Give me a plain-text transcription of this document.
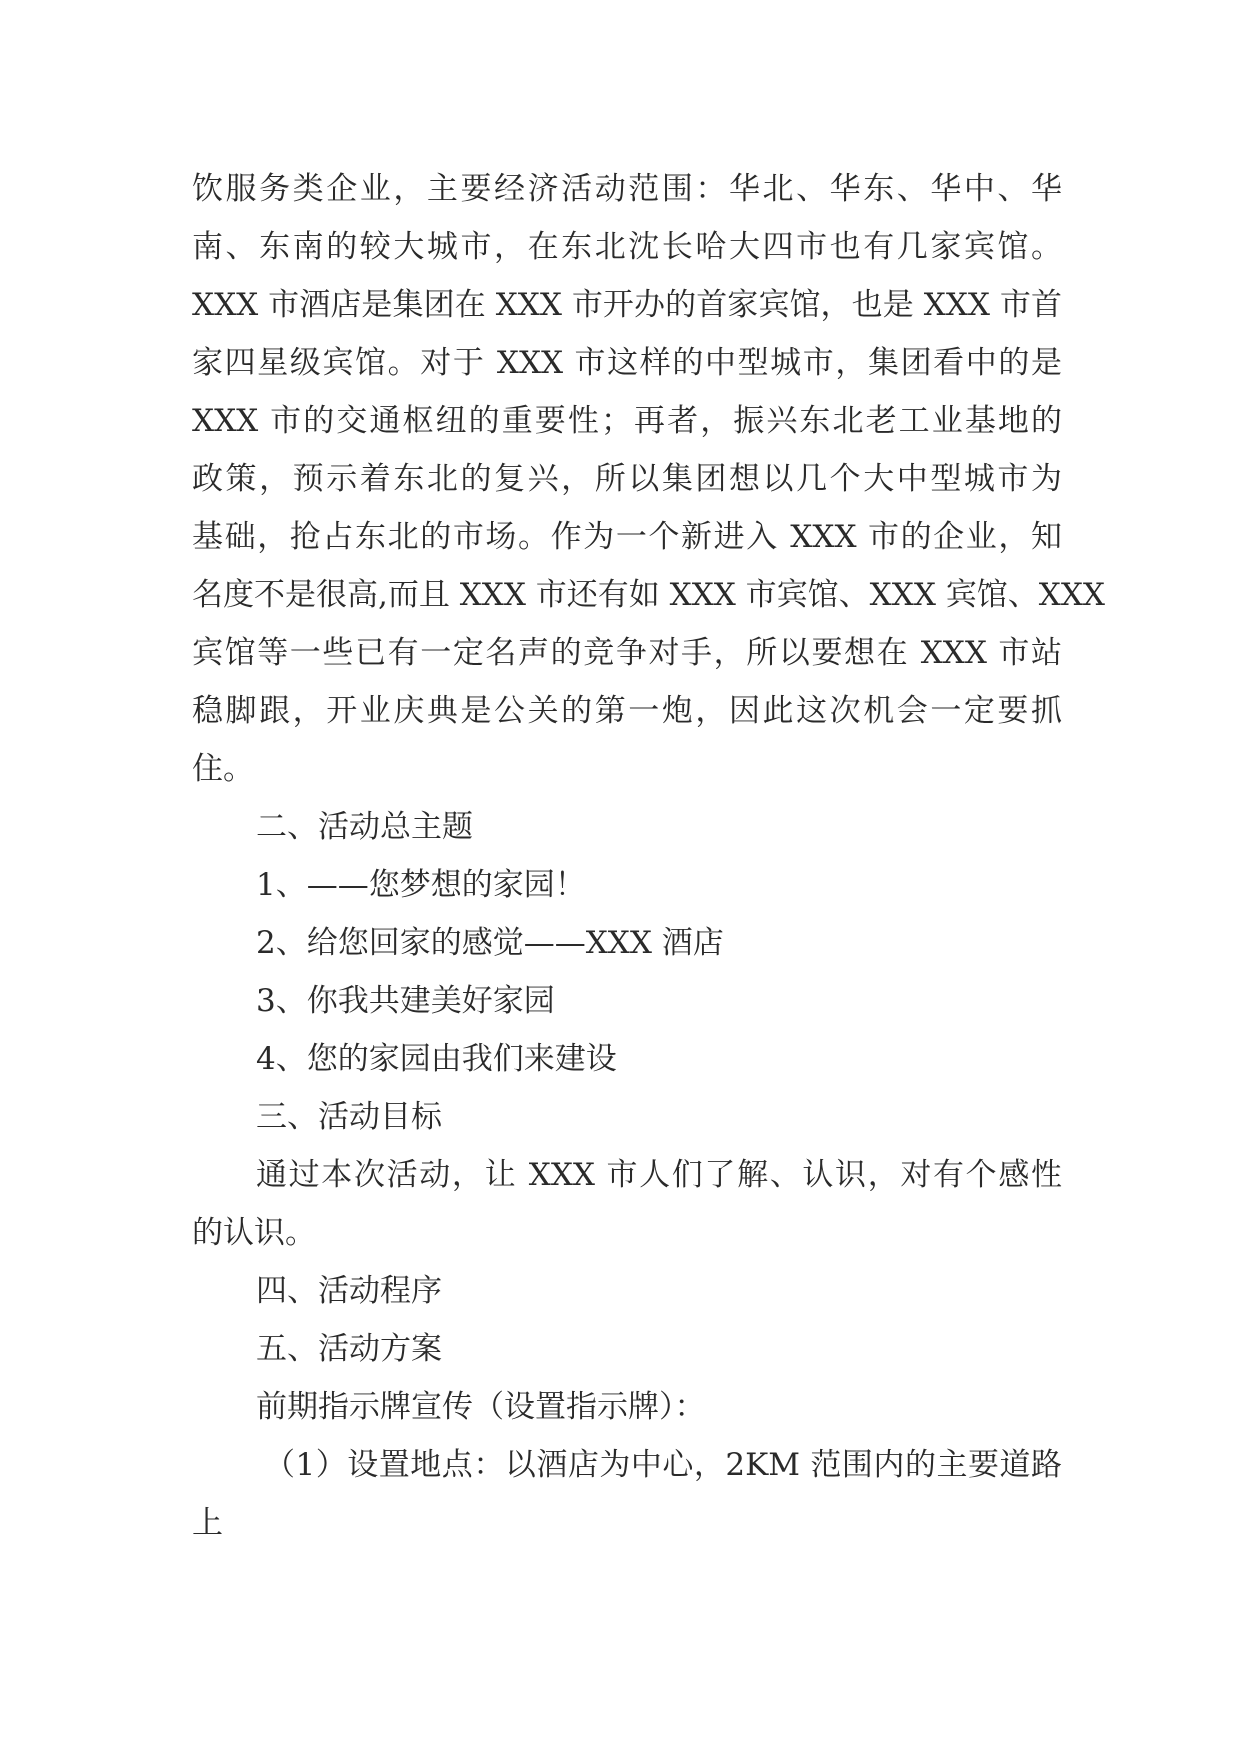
饮服务类企业，主要经济活动范围：华北、华东、华中、华
南、东南的较大城市，在东北沈长哈大四市也有几家宾馆。
XXX 市酒店是集团在 XXX 市开办的首家宾馆，也是 XXX 市首
家四星级宾馆。对于 XXX 市这样的中型城市，集团看中的是
XXX 市的交通枢纽的重要性；再者，振兴东北老工业基地的
政策，预示着东北的复兴，所以集团想以几个大中型城市为
基础，抢占东北的市场。作为一个新进入 XXX 市的企业，知
名度不是很高,而且 XXX 市还有如 XXX 市宾馆、XXX 宾馆、XXX
宾馆等一些已有一定名声的竞争对手，所以要想在 XXX 市站
稳脚跟，开业庆典是公关的第一炮，因此这次机会一定要抓
住。
二、活动总主题
1、——您梦想的家园！
2、给您回家的感觉——XXX 酒店
3、你我共建美好家园
4、您的家园由我们来建设
三、活动目标
通过本次活动，让 XXX 市人们了解、认识，对有个感性
的认识。
四、活动程序
五、活动方案
前期指示牌宣传（设置指示牌）：
（1）设置地点：以酒店为中心，2KM 范围内的主要道路
上
